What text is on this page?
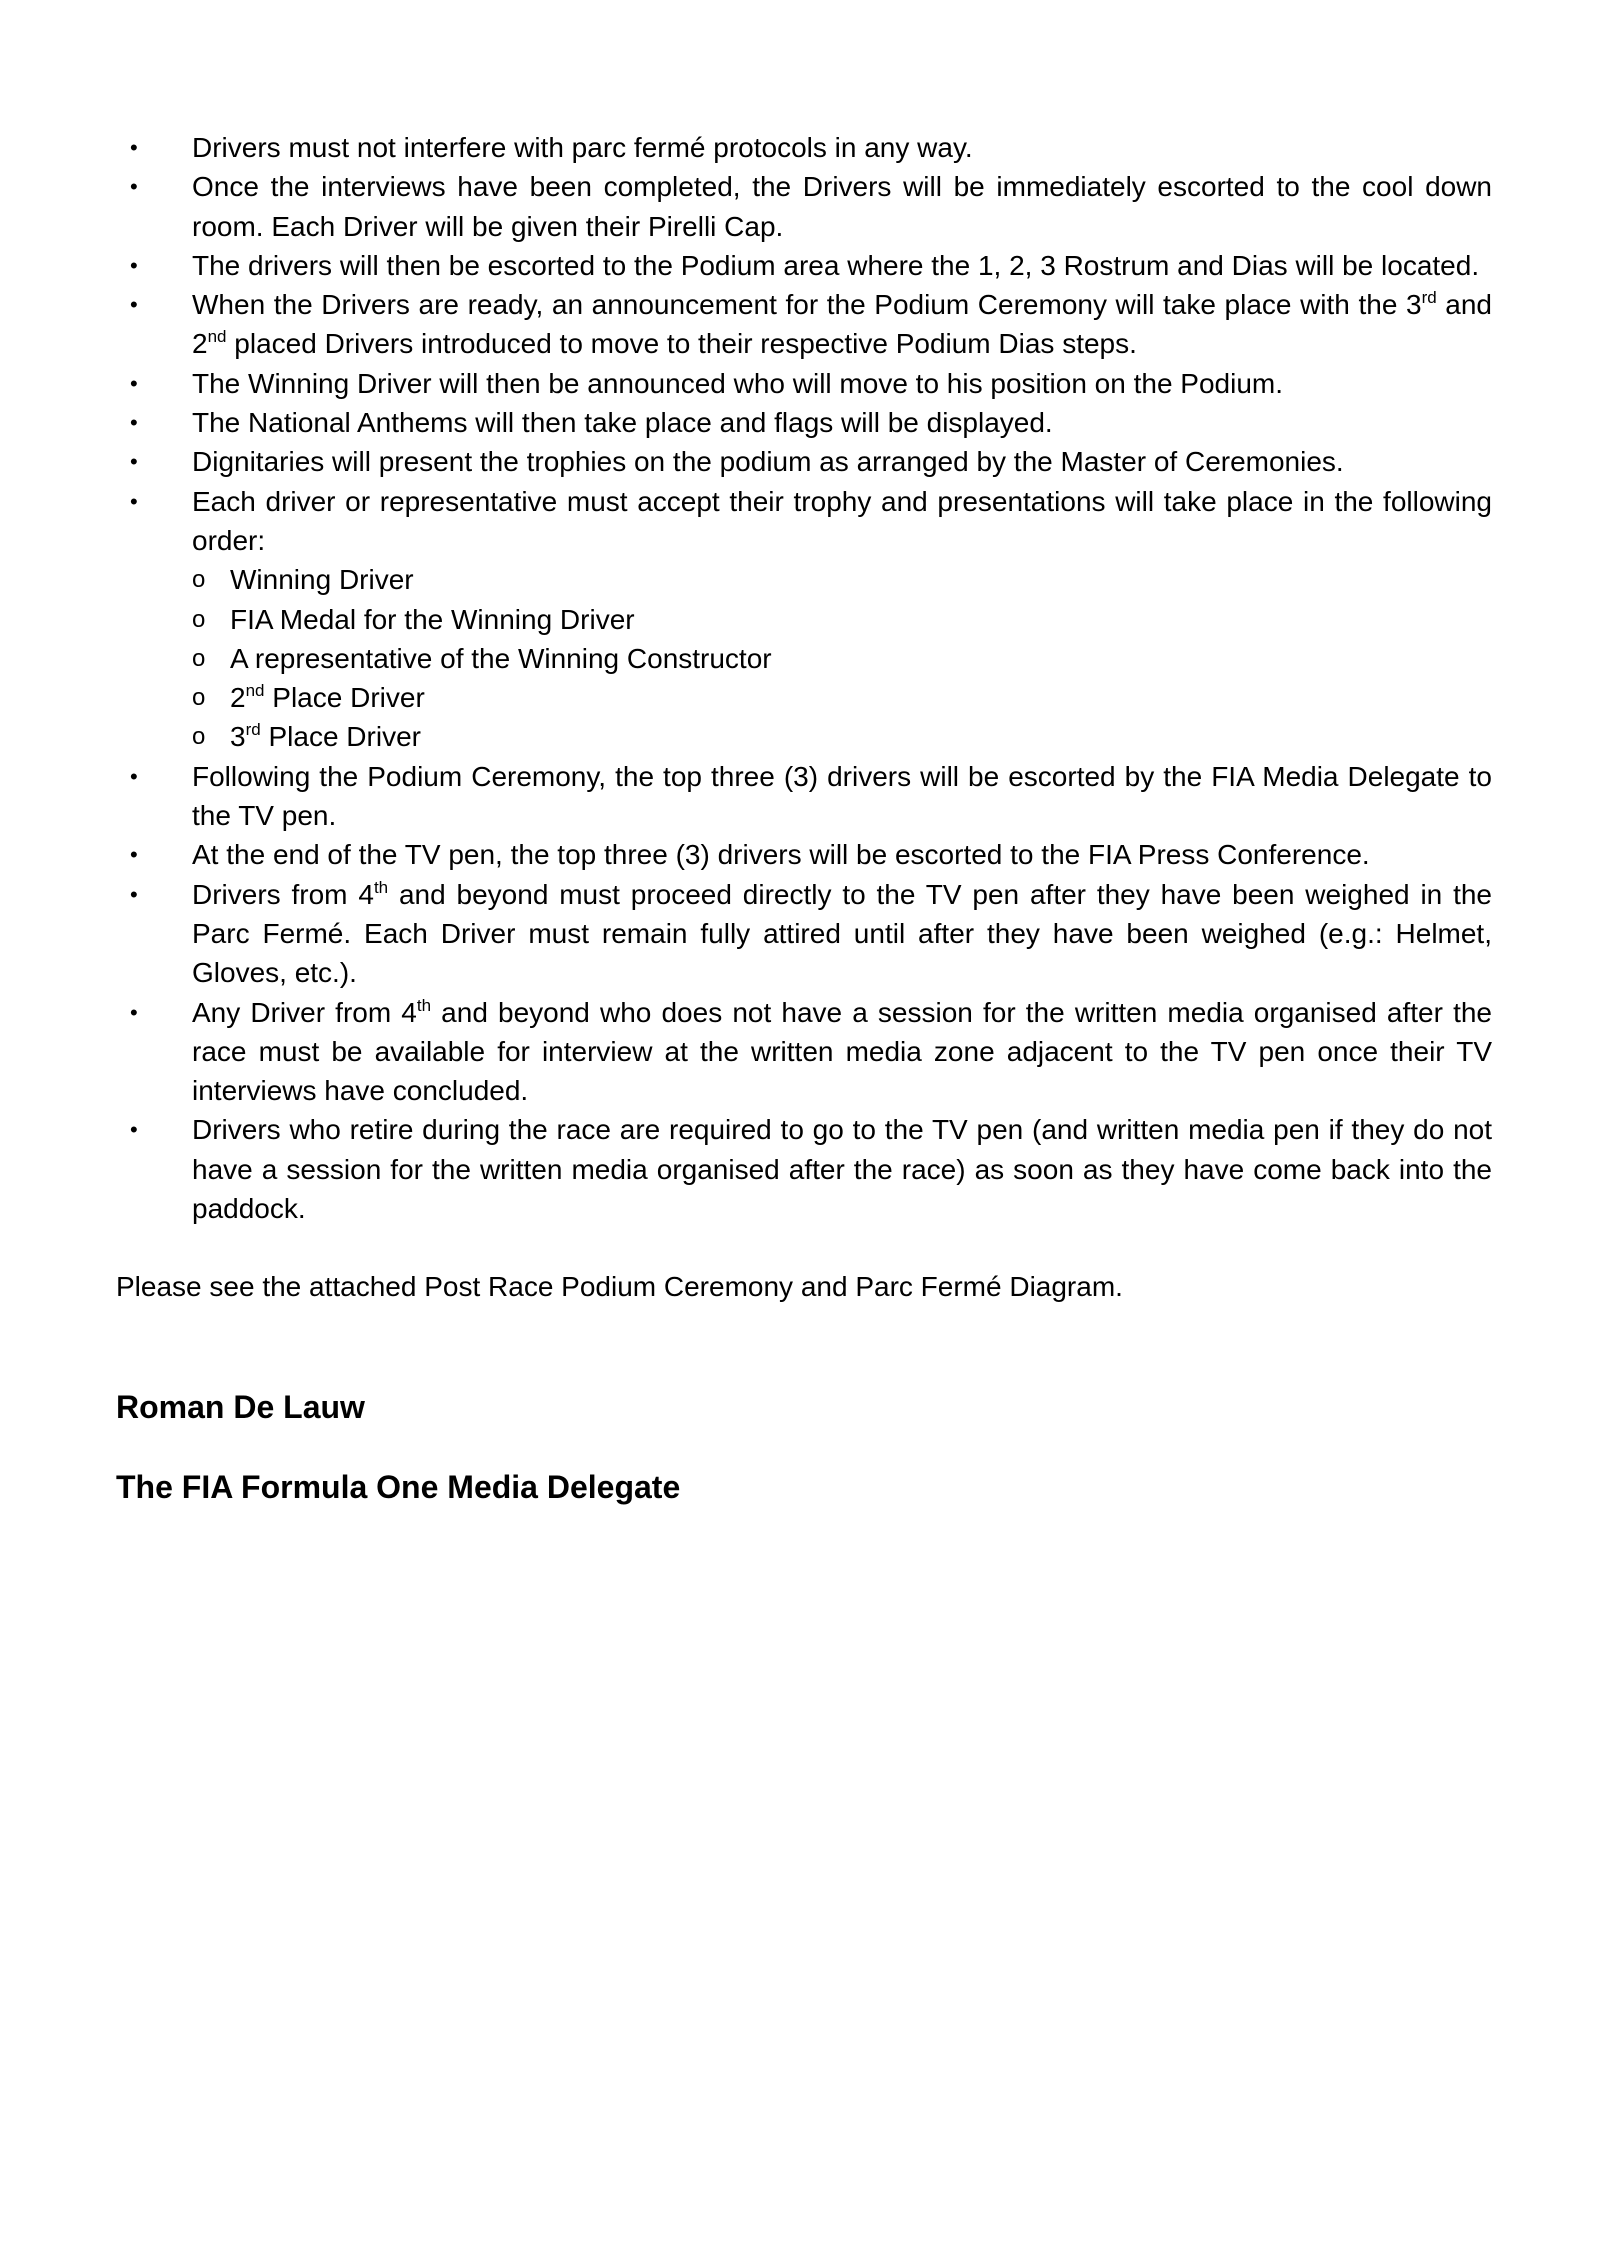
• Drivers must not interfere with parc fermé protocols in any way.
• Once the interviews have been completed, the Drivers will be immediately escorted to the cool down room. Each Driver will be given their Pirelli Cap.
• The drivers will then be escorted to the Podium area where the 1, 2, 3 Rostrum and Dias will be located.
• When the Drivers are ready, an announcement for the Podium Ceremony will take place with the 3rd and 2nd placed Drivers introduced to move to their respective Podium Dias steps.
• The Winning Driver will then be announced who will move to his position on the Podium.
• The National Anthems will then take place and flags will be displayed.
• Dignitaries will present the trophies on the podium as arranged by the Master of Ceremonies.
• Each driver or representative must accept their trophy and presentations will take place in the following order:
o Winning Driver
o FIA Medal for the Winning Driver
o A representative of the Winning Constructor
o 2nd Place Driver
o 3rd Place Driver
• Following the Podium Ceremony, the top three (3) drivers will be escorted by the FIA Media Delegate to the TV pen.
• At the end of the TV pen, the top three (3) drivers will be escorted to the FIA Press Conference.
• Drivers from 4th and beyond must proceed directly to the TV pen after they have been weighed in the Parc Fermé. Each Driver must remain fully attired until after they have been weighed (e.g.: Helmet, Gloves, etc.).
• Any Driver from 4th and beyond who does not have a session for the written media organised after the race must be available for interview at the written media zone adjacent to the TV pen once their TV interviews have concluded.
• Drivers who retire during the race are required to go to the TV pen (and written media pen if they do not have a session for the written media organised after the race) as soon as they have come back into the paddock.
Please see the attached Post Race Podium Ceremony and Parc Fermé Diagram.
Roman De Lauw
The FIA Formula One Media Delegate
